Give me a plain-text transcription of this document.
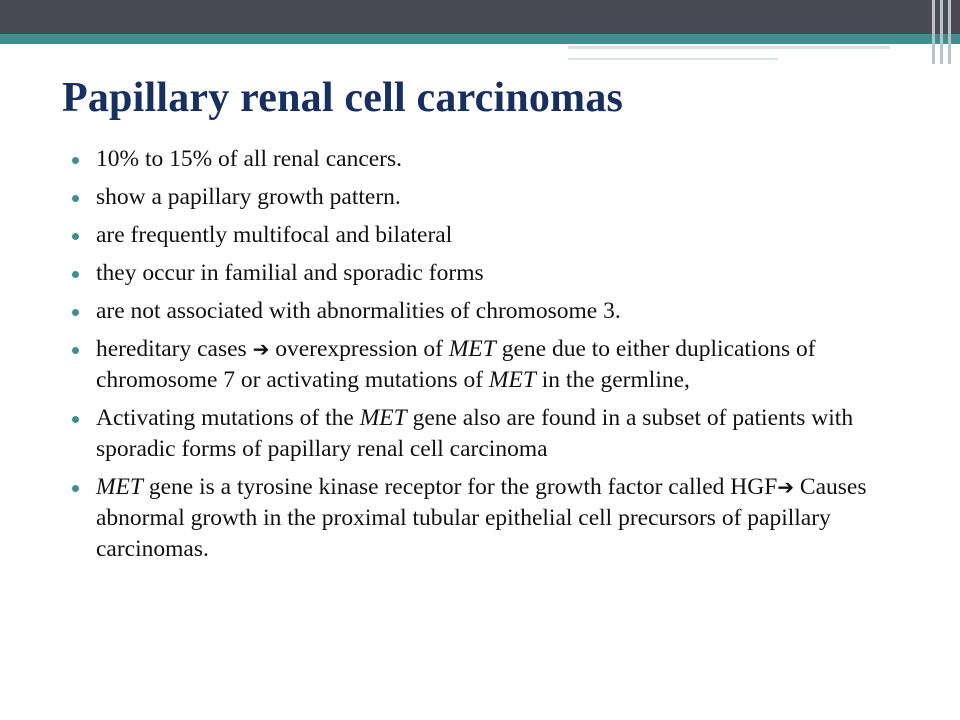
Papillary renal cell carcinomas
10% to 15% of all renal cancers.
show a papillary growth pattern.
are frequently multifocal and bilateral
they occur in familial and sporadic forms
are not associated with abnormalities of chromosome 3.
hereditary cases ➔ overexpression of MET gene due to either duplications of chromosome 7 or activating mutations of MET in the germline,
Activating mutations of the MET gene also are found in a subset of patients with sporadic forms of papillary renal cell carcinoma
MET gene is a tyrosine kinase receptor for the growth factor called HGF➔ Causes abnormal growth in the proximal tubular epithelial cell precursors of papillary carcinomas.
